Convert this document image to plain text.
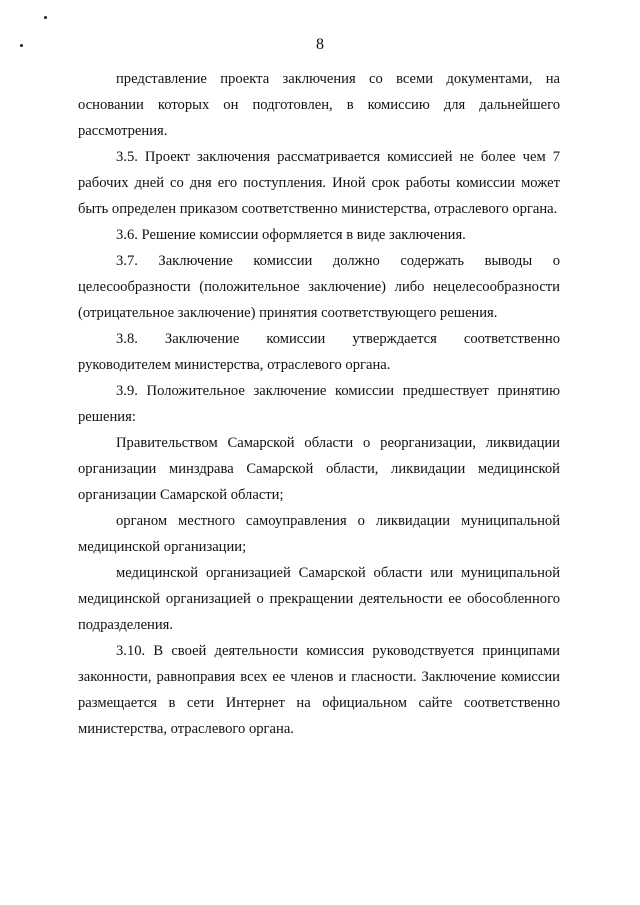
8

представление проекта заключения со всеми документами, на основании которых он подготовлен, в комиссию для дальнейшего рассмотрения.

3.5. Проект заключения рассматривается комиссией не более чем 7 рабочих дней со дня его поступления. Иной срок работы комиссии может быть определен приказом соответственно министерства, отраслевого органа.

3.6. Решение комиссии оформляется в виде заключения.

3.7. Заключение комиссии должно содержать выводы о целесообразности (положительное заключение) либо нецелесообразности (отрицательное заключение) принятия соответствующего решения.

3.8. Заключение комиссии утверждается соответственно руководителем министерства, отраслевого органа.

3.9. Положительное заключение комиссии предшествует принятию решения:

Правительством Самарской области о реорганизации, ликвидации организации минздрава Самарской области, ликвидации медицинской организации Самарской области;

органом местного самоуправления о ликвидации муниципальной медицинской организации;

медицинской организацией Самарской области или муниципальной медицинской организацией о прекращении деятельности ее обособленного подразделения.

3.10. В своей деятельности комиссия руководствуется принципами законности, равноправия всех ее членов и гласности. Заключение комиссии размещается в сети Интернет на официальном сайте соответственно министерства, отраслевого органа.
